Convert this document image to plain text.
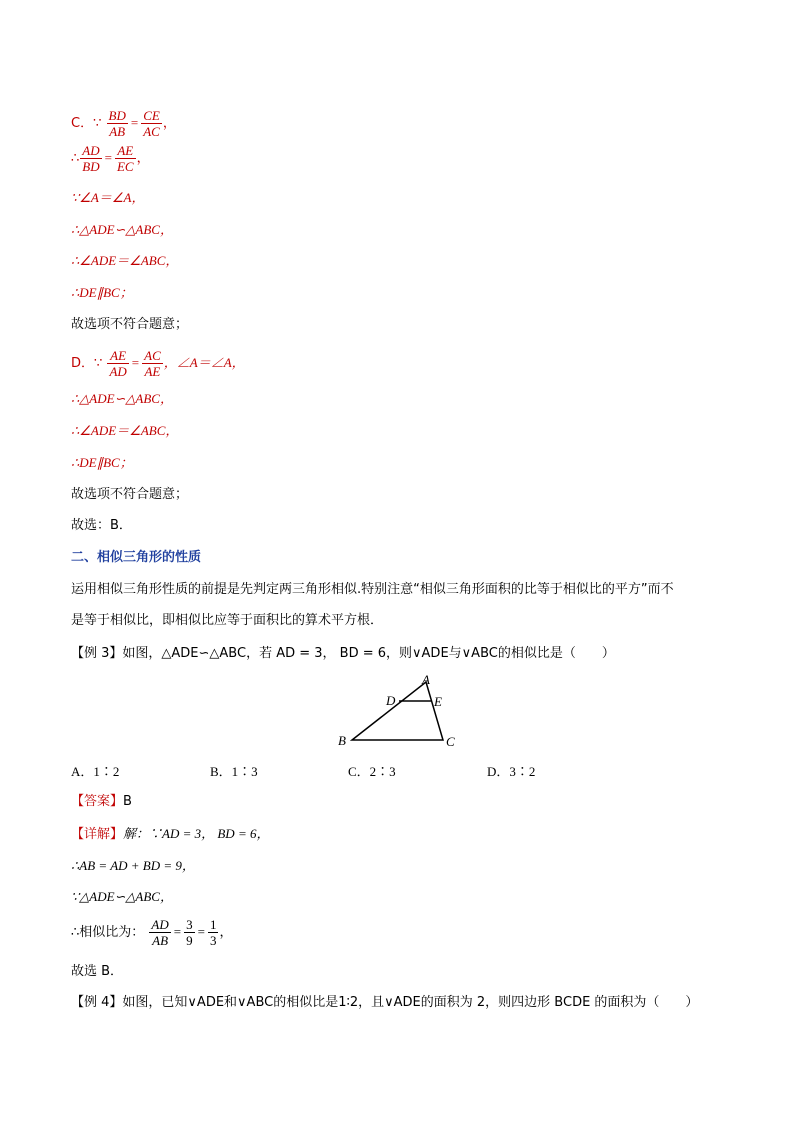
C．∵ $\frac{BD}{AB} = \frac{CE}{AC}$ ，
∴ $\frac{AD}{BD} = \frac{AE}{EC}$ ，
∵∠A＝∠A，
∴△ADE∽△ABC，
∴∠ADE＝∠ABC，
∴DE∥BC；
故选项不符合题意；
D．∵ $\frac{AE}{AD} = \frac{AC}{AE}$ ，∠A＝∠A，
∴△ADE∽△ABC，
∴∠ADE＝∠ABC，
∴DE∥BC；
故选项不符合题意；
故选：B．
二、相似三角形的性质
运用相似三角形性质的前提是先判定两三角形相似.特别注意“相似三角形面积的比等于相似比的平方”而不
是等于相似比，即相似比应等于面积比的算术平方根．
【例 3】如图，△ADE∽△ABC，若 AD = 3， BD = 6，则∨ADE与∨ABC的相似比是（　　）
A
D	E
B	C
A．1∶2	B．1∶3	C．2∶3	D．3∶2
【答案】B
【详解】解：∵AD = 3， BD = 6，
∴AB = AD + BD = 9，
∵△ADE∽△ABC，
∴相似比为： $\frac{AD}{AB} = \frac{3}{9} = \frac{1}{3}$ ，
故选 B．
【例 4】如图，已知∨ADE和∨ABC的相似比是1∶2，且∨ADE的面积为 2，则四边形 BCDE 的面积为（　　）
